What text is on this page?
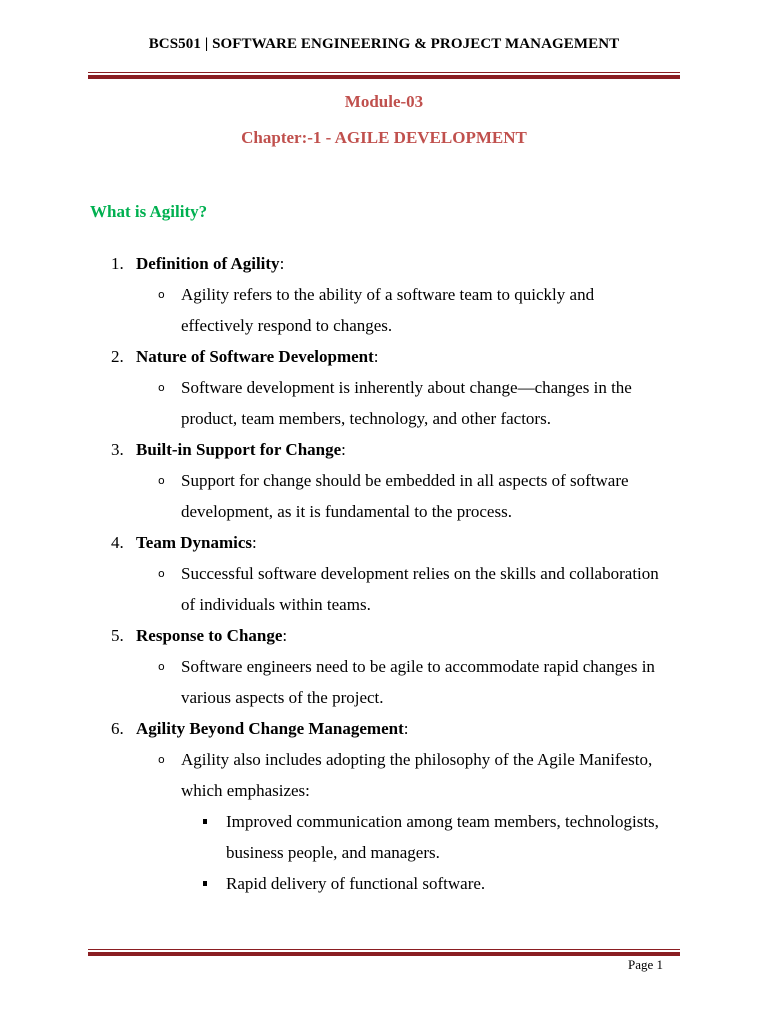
BCS501 | SOFTWARE ENGINEERING & PROJECT MANAGEMENT
Module-03
Chapter:-1 - AGILE DEVELOPMENT
What is Agility?
1. Definition of Agility:
o Agility refers to the ability of a software team to quickly and
effectively respond to changes.
2. Nature of Software Development:
o Software development is inherently about change—changes in the
product, team members, technology, and other factors.
3. Built-in Support for Change:
o Support for change should be embedded in all aspects of software
development, as it is fundamental to the process.
4. Team Dynamics:
o Successful software development relies on the skills and collaboration
of individuals within teams.
5. Response to Change:
o Software engineers need to be agile to accommodate rapid changes in
various aspects of the project.
6. Agility Beyond Change Management:
o Agility also includes adopting the philosophy of the Agile Manifesto,
which emphasizes:
Improved communication among team members, technologists,
business people, and managers.
Rapid delivery of functional software.
Page 1
